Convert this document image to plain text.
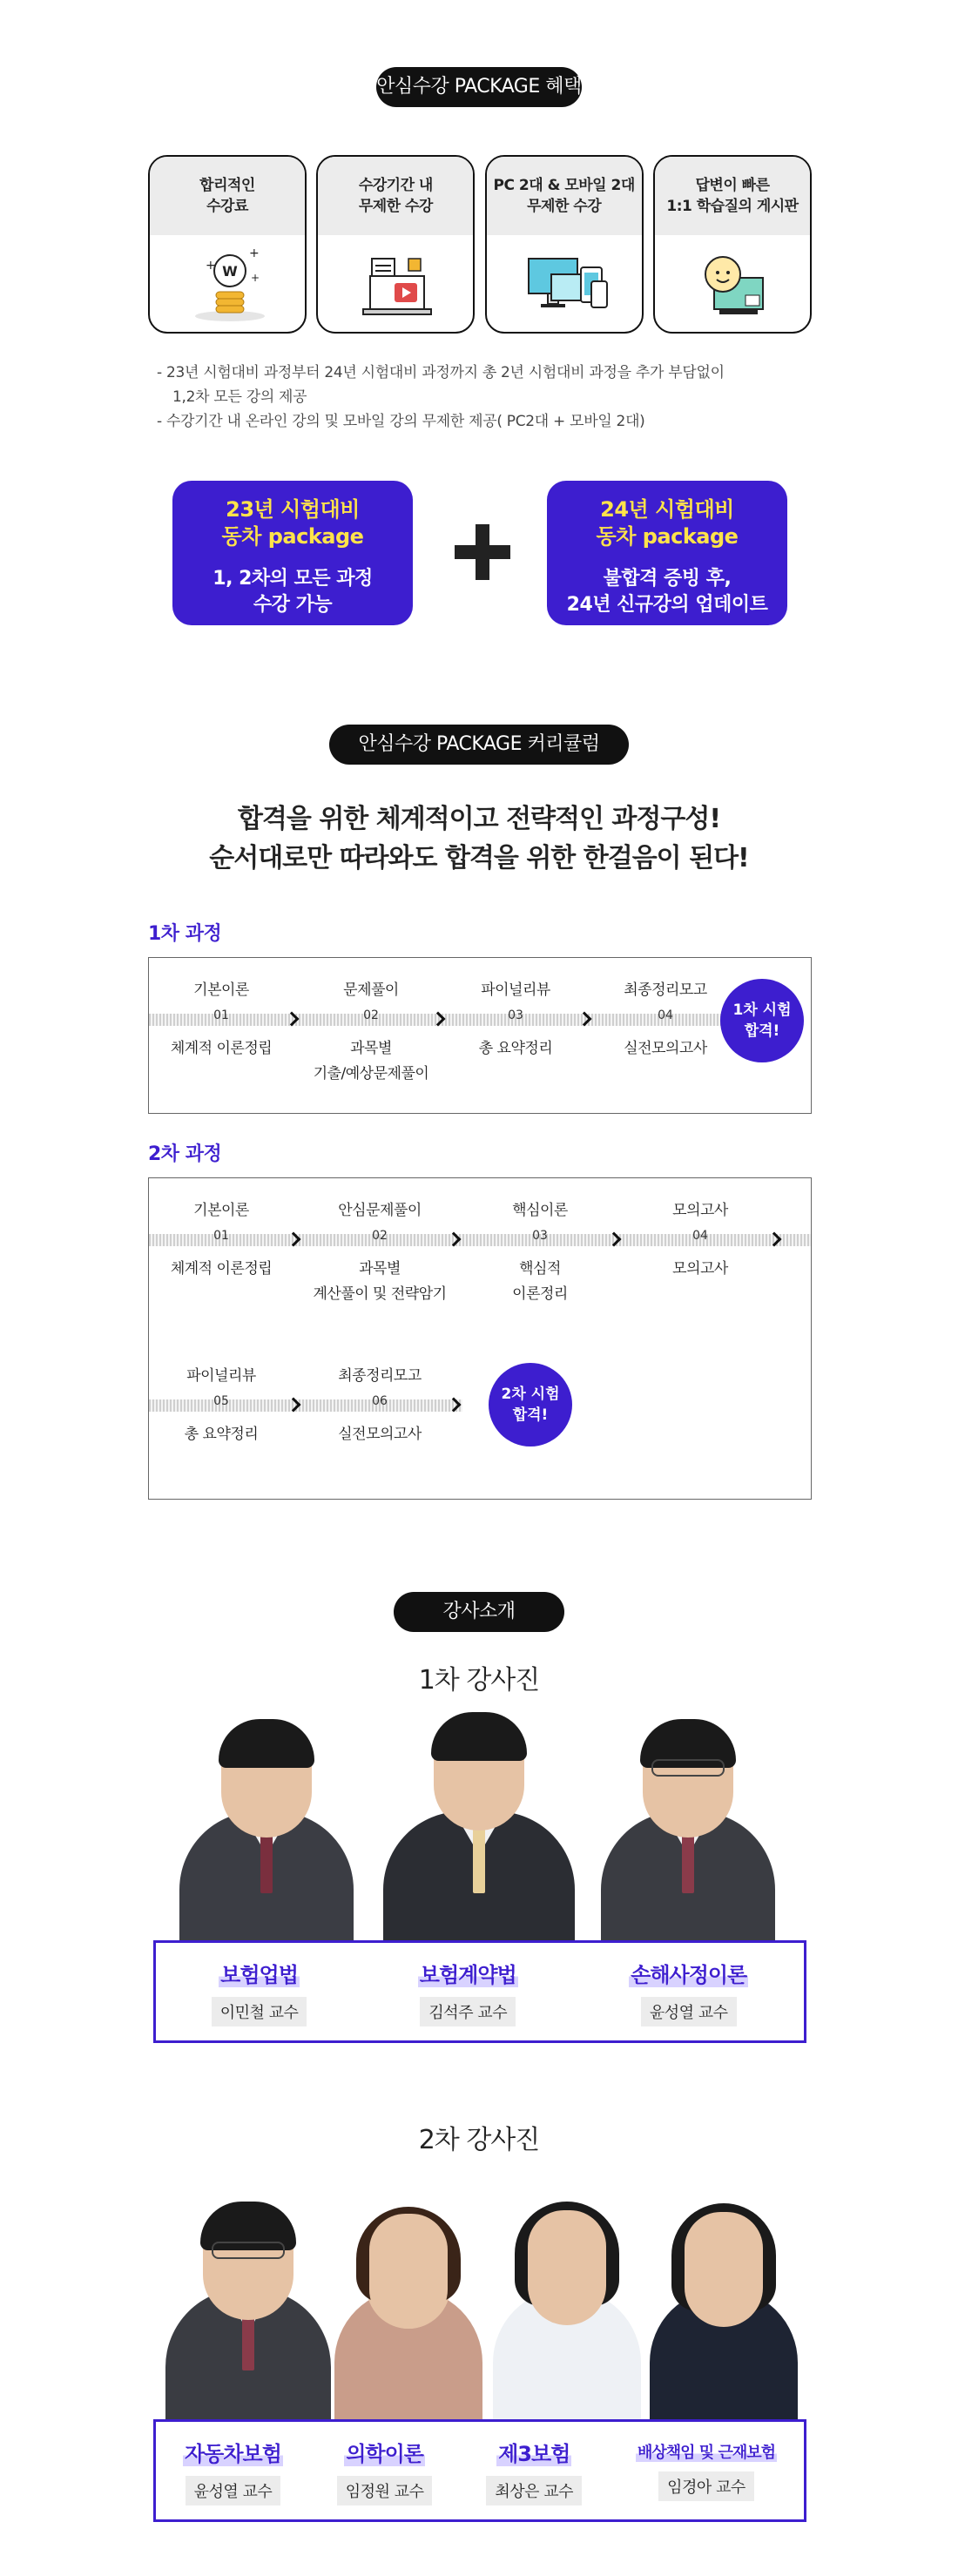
안심수강 PACKAGE 혜택
합리적인
수강료
W
+
+
+
수강기간 내
무제한 수강
PC 2대 & 모바일 2대
무제한 수강
답변이 빠른
1:1 학습질의 게시판
- 23년 시험대비 과정부터 24년 시험대비 과정까지 총 2년 시험대비 과정을 추가 부담없이
1,2차 모든 강의 제공
- 수강기간 내 온라인 강의 및 모바일 강의 무제한 제공( PC2대 + 모바일 2대)
23년 시험대비
동차 package
1, 2차의 모든 과정
수강 가능
24년 시험대비
동차 package
불합격 증빙 후,
24년 신규강의 업데이트
안심수강 PACKAGE 커리큘럼
합격을 위한 체계적이고 전략적인 과정구성!
순서대로만 따라와도 합격을 위한 한걸음이 된다!
1차 과정
기본이론
01
체계적 이론정립
문제풀이
02
과목별
기출/예상문제풀이
파이널리뷰
03
총 요약정리
최종정리모고
04
실전모의고사
1차 시험
합격!
2차 과정
기본이론
01
체계적 이론정립
안심문제풀이
02
과목별
계산풀이 및 전략암기
핵심이론
03
핵심적
이론정리
모의고사
04
모의고사
파이널리뷰
05
총 요약정리
최종정리모고
06
실전모의고사
2차 시험
합격!
강사소개
1차 강사진
보험업법
이민철 교수
보험계약법
김석주 교수
손해사정이론
윤성열 교수
2차 강사진
자동차보험
윤성열 교수
의학이론
임정원 교수
제3보험
최상은 교수
배상책임 및 근재보험
임경아 교수
